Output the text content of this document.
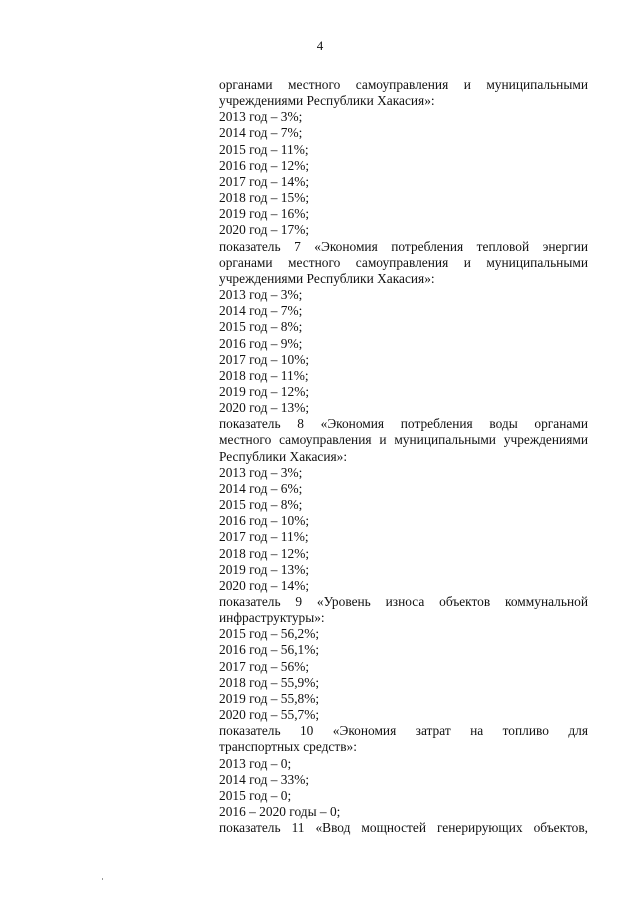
4

органами местного самоуправления и муниципальными

учреждениями Республики Хакасия»:

2013 год – 3%;

2014 год – 7%;

2015 год – 11%;

2016 год – 12%;

2017 год – 14%;

2018 год – 15%;

2019 год – 16%;

2020 год – 17%;

показатель 7 «Экономия потребления тепловой энергии

органами местного самоуправления и муниципальными

учреждениями Республики Хакасия»:

2013 год – 3%;

2014 год – 7%;

2015 год – 8%;

2016 год – 9%;

2017 год – 10%;

2018 год – 11%;

2019 год – 12%;

2020 год – 13%;

показатель 8 «Экономия потребления воды органами

местного самоуправления и муниципальными учреждениями

Республики Хакасия»:

2013 год – 3%;

2014 год – 6%;

2015 год – 8%;

2016 год – 10%;

2017 год – 11%;

2018 год – 12%;

2019 год – 13%;

2020 год – 14%;

показатель 9 «Уровень износа объектов коммунальной

инфраструктуры»:

2015 год – 56,2%;

2016 год – 56,1%;

2017 год – 56%;

2018 год – 55,9%;

2019 год – 55,8%;

2020 год – 55,7%;

показатель 10 «Экономия затрат на топливо для

транспортных средств»:

2013 год – 0;

2014 год – 33%;

2015 год – 0;

2016 – 2020 годы – 0;

показатель 11 «Ввод мощностей генерирующих объектов,
